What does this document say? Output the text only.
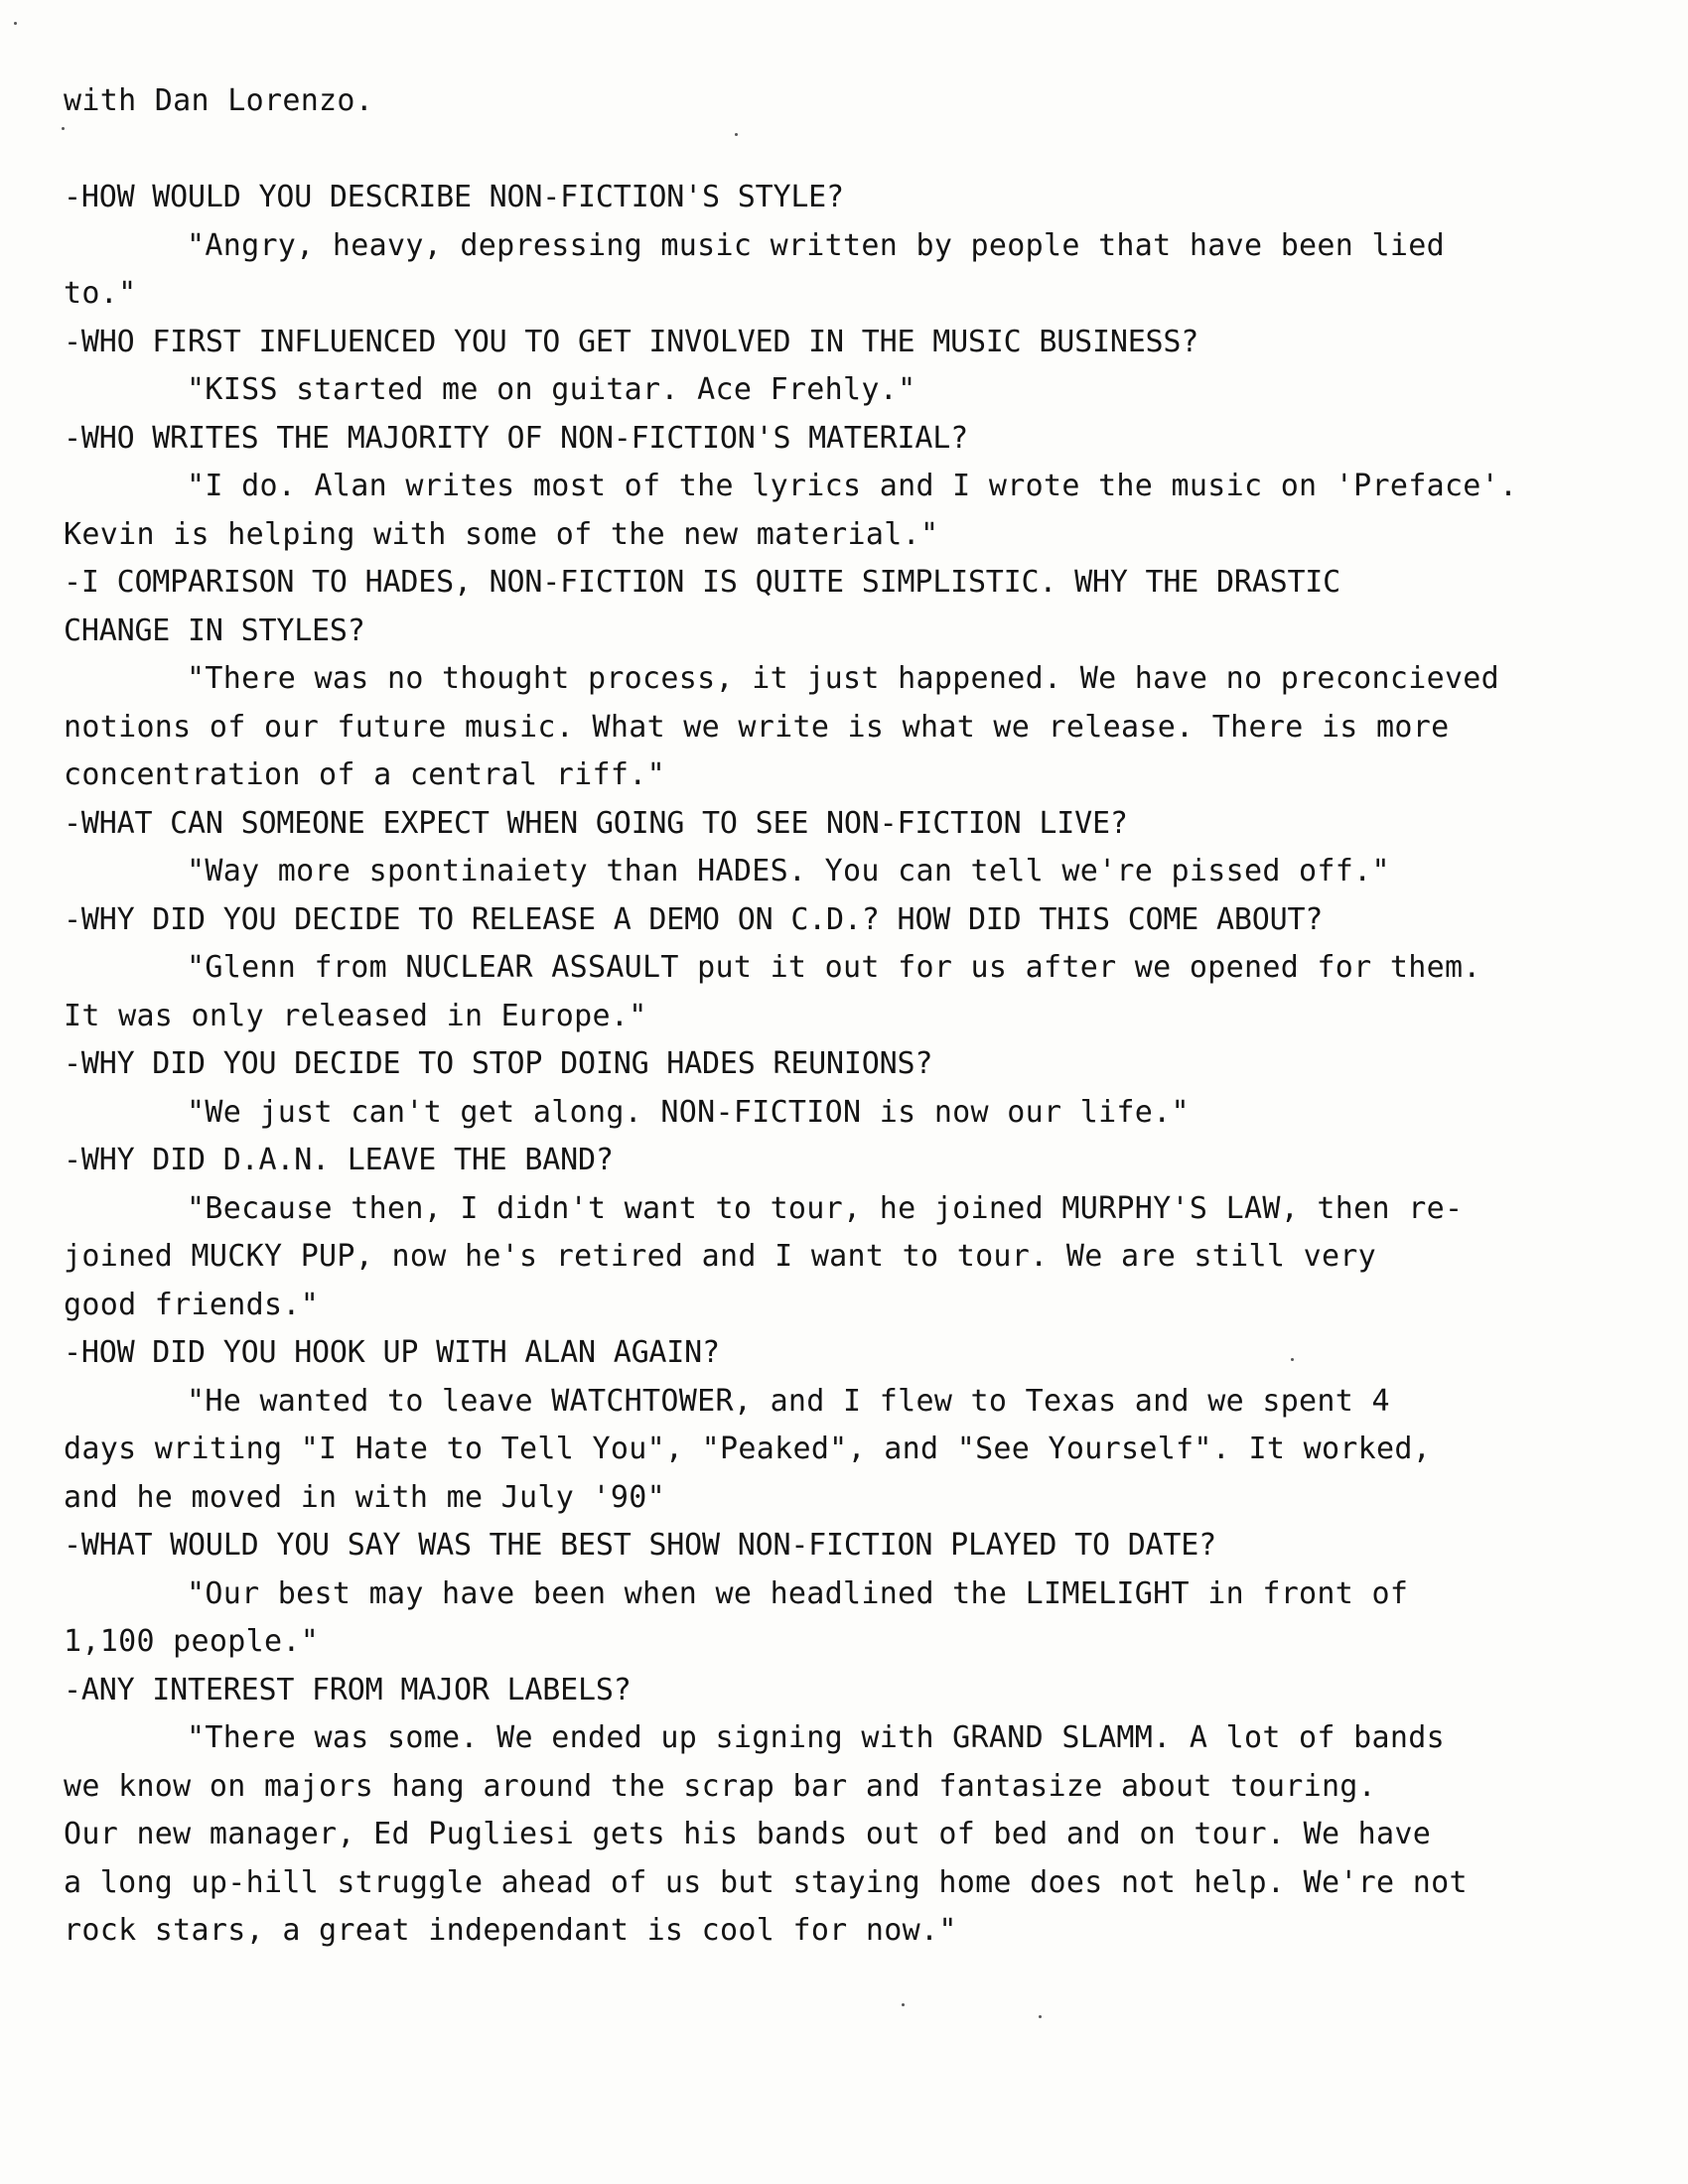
with Dan Lorenzo.
-HOW WOULD YOU DESCRIBE NON-FICTION'S STYLE?
"Angry, heavy, depressing music written by people that have been lied
to."
-WHO FIRST INFLUENCED YOU TO GET INVOLVED IN THE MUSIC BUSINESS?
"KISS started me on guitar. Ace Frehly."
-WHO WRITES THE MAJORITY OF NON-FICTION'S MATERIAL?
"I do. Alan writes most of the lyrics and I wrote the music on 'Preface'.
Kevin is helping with some of the new material."
-I COMPARISON TO HADES, NON-FICTION IS QUITE SIMPLISTIC. WHY THE DRASTIC
CHANGE IN STYLES?
"There was no thought process, it just happened. We have no preconcieved
notions of our future music. What we write is what we release. There is more
concentration of a central riff."
-WHAT CAN SOMEONE EXPECT WHEN GOING TO SEE NON-FICTION LIVE?
"Way more spontinaiety than HADES. You can tell we're pissed off."
-WHY DID YOU DECIDE TO RELEASE A DEMO ON C.D.? HOW DID THIS COME ABOUT?
"Glenn from NUCLEAR ASSAULT put it out for us after we opened for them.
It was only released in Europe."
-WHY DID YOU DECIDE TO STOP DOING HADES REUNIONS?
"We just can't get along. NON-FICTION is now our life."
-WHY DID D.A.N. LEAVE THE BAND?
"Because then, I didn't want to tour, he joined MURPHY'S LAW, then re-
joined MUCKY PUP, now he's retired and I want to tour. We are still very
good friends."
-HOW DID YOU HOOK UP WITH ALAN AGAIN?
"He wanted to leave WATCHTOWER, and I flew to Texas and we spent 4
days writing "I Hate to Tell You", "Peaked", and "See Yourself". It worked,
and he moved in with me July '90"
-WHAT WOULD YOU SAY WAS THE BEST SHOW NON-FICTION PLAYED TO DATE?
"Our best may have been when we headlined the LIMELIGHT in front of
1,100 people."
-ANY INTEREST FROM MAJOR LABELS?
"There was some. We ended up signing with GRAND SLAMM. A lot of bands
we know on majors hang around the scrap bar and fantasize about touring.
Our new manager, Ed Pugliesi gets his bands out of bed and on tour. We have
a long up-hill struggle ahead of us but staying home does not help. We're not
rock stars, a great independant is cool for now."
